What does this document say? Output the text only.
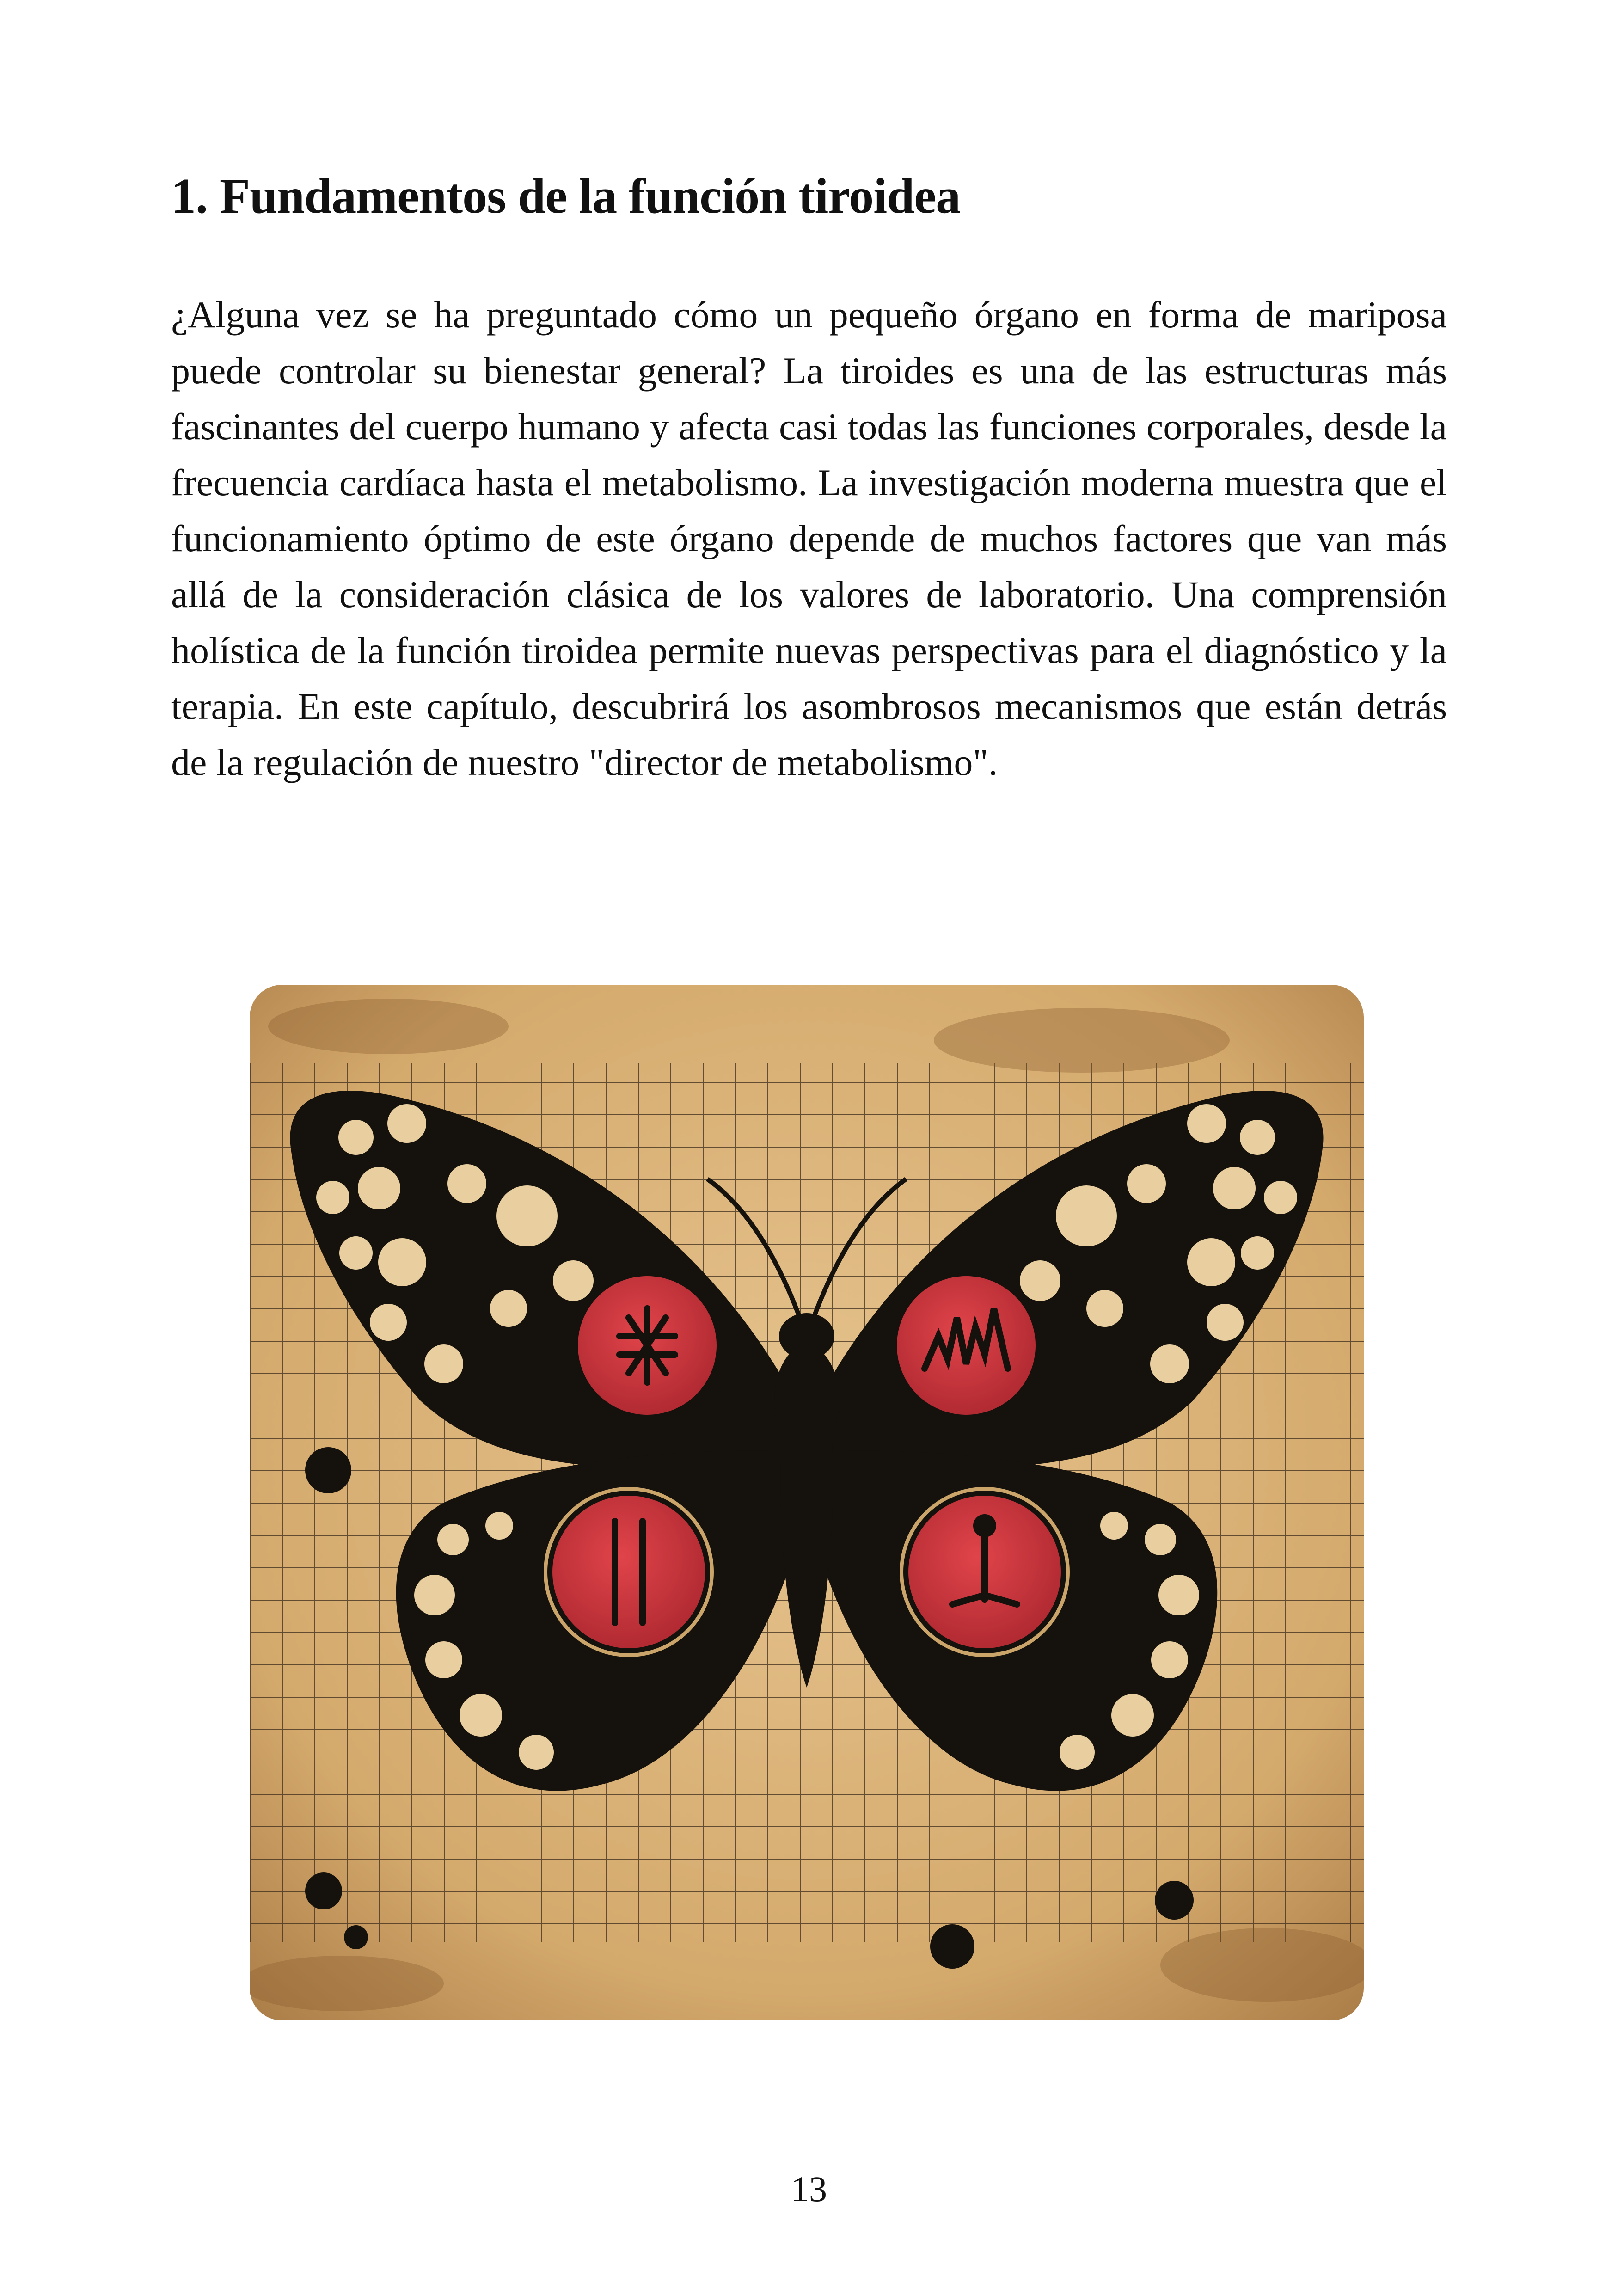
1. Fundamentos de la función tiroidea

¿Alguna vez se ha preguntado cómo un pequeño órgano en forma de mariposa puede controlar su bienestar general? La tiroides es una de las estructuras más fascinantes del cuerpo humano y afecta casi todas las funciones corporales, desde la frecuencia cardíaca hasta el metabolismo. La investigación moderna muestra que el funcionamiento óptimo de este órgano depende de muchos factores que van más allá de la consideración clásica de los valores de laboratorio. Una comprensión holística de la función tiroidea permite nuevas perspectivas para el diagnóstico y la terapia. En este capítulo, descubrirá los asombrosos mecanismos que están detrás de la regulación de nuestro "director de metabolismo".

13
